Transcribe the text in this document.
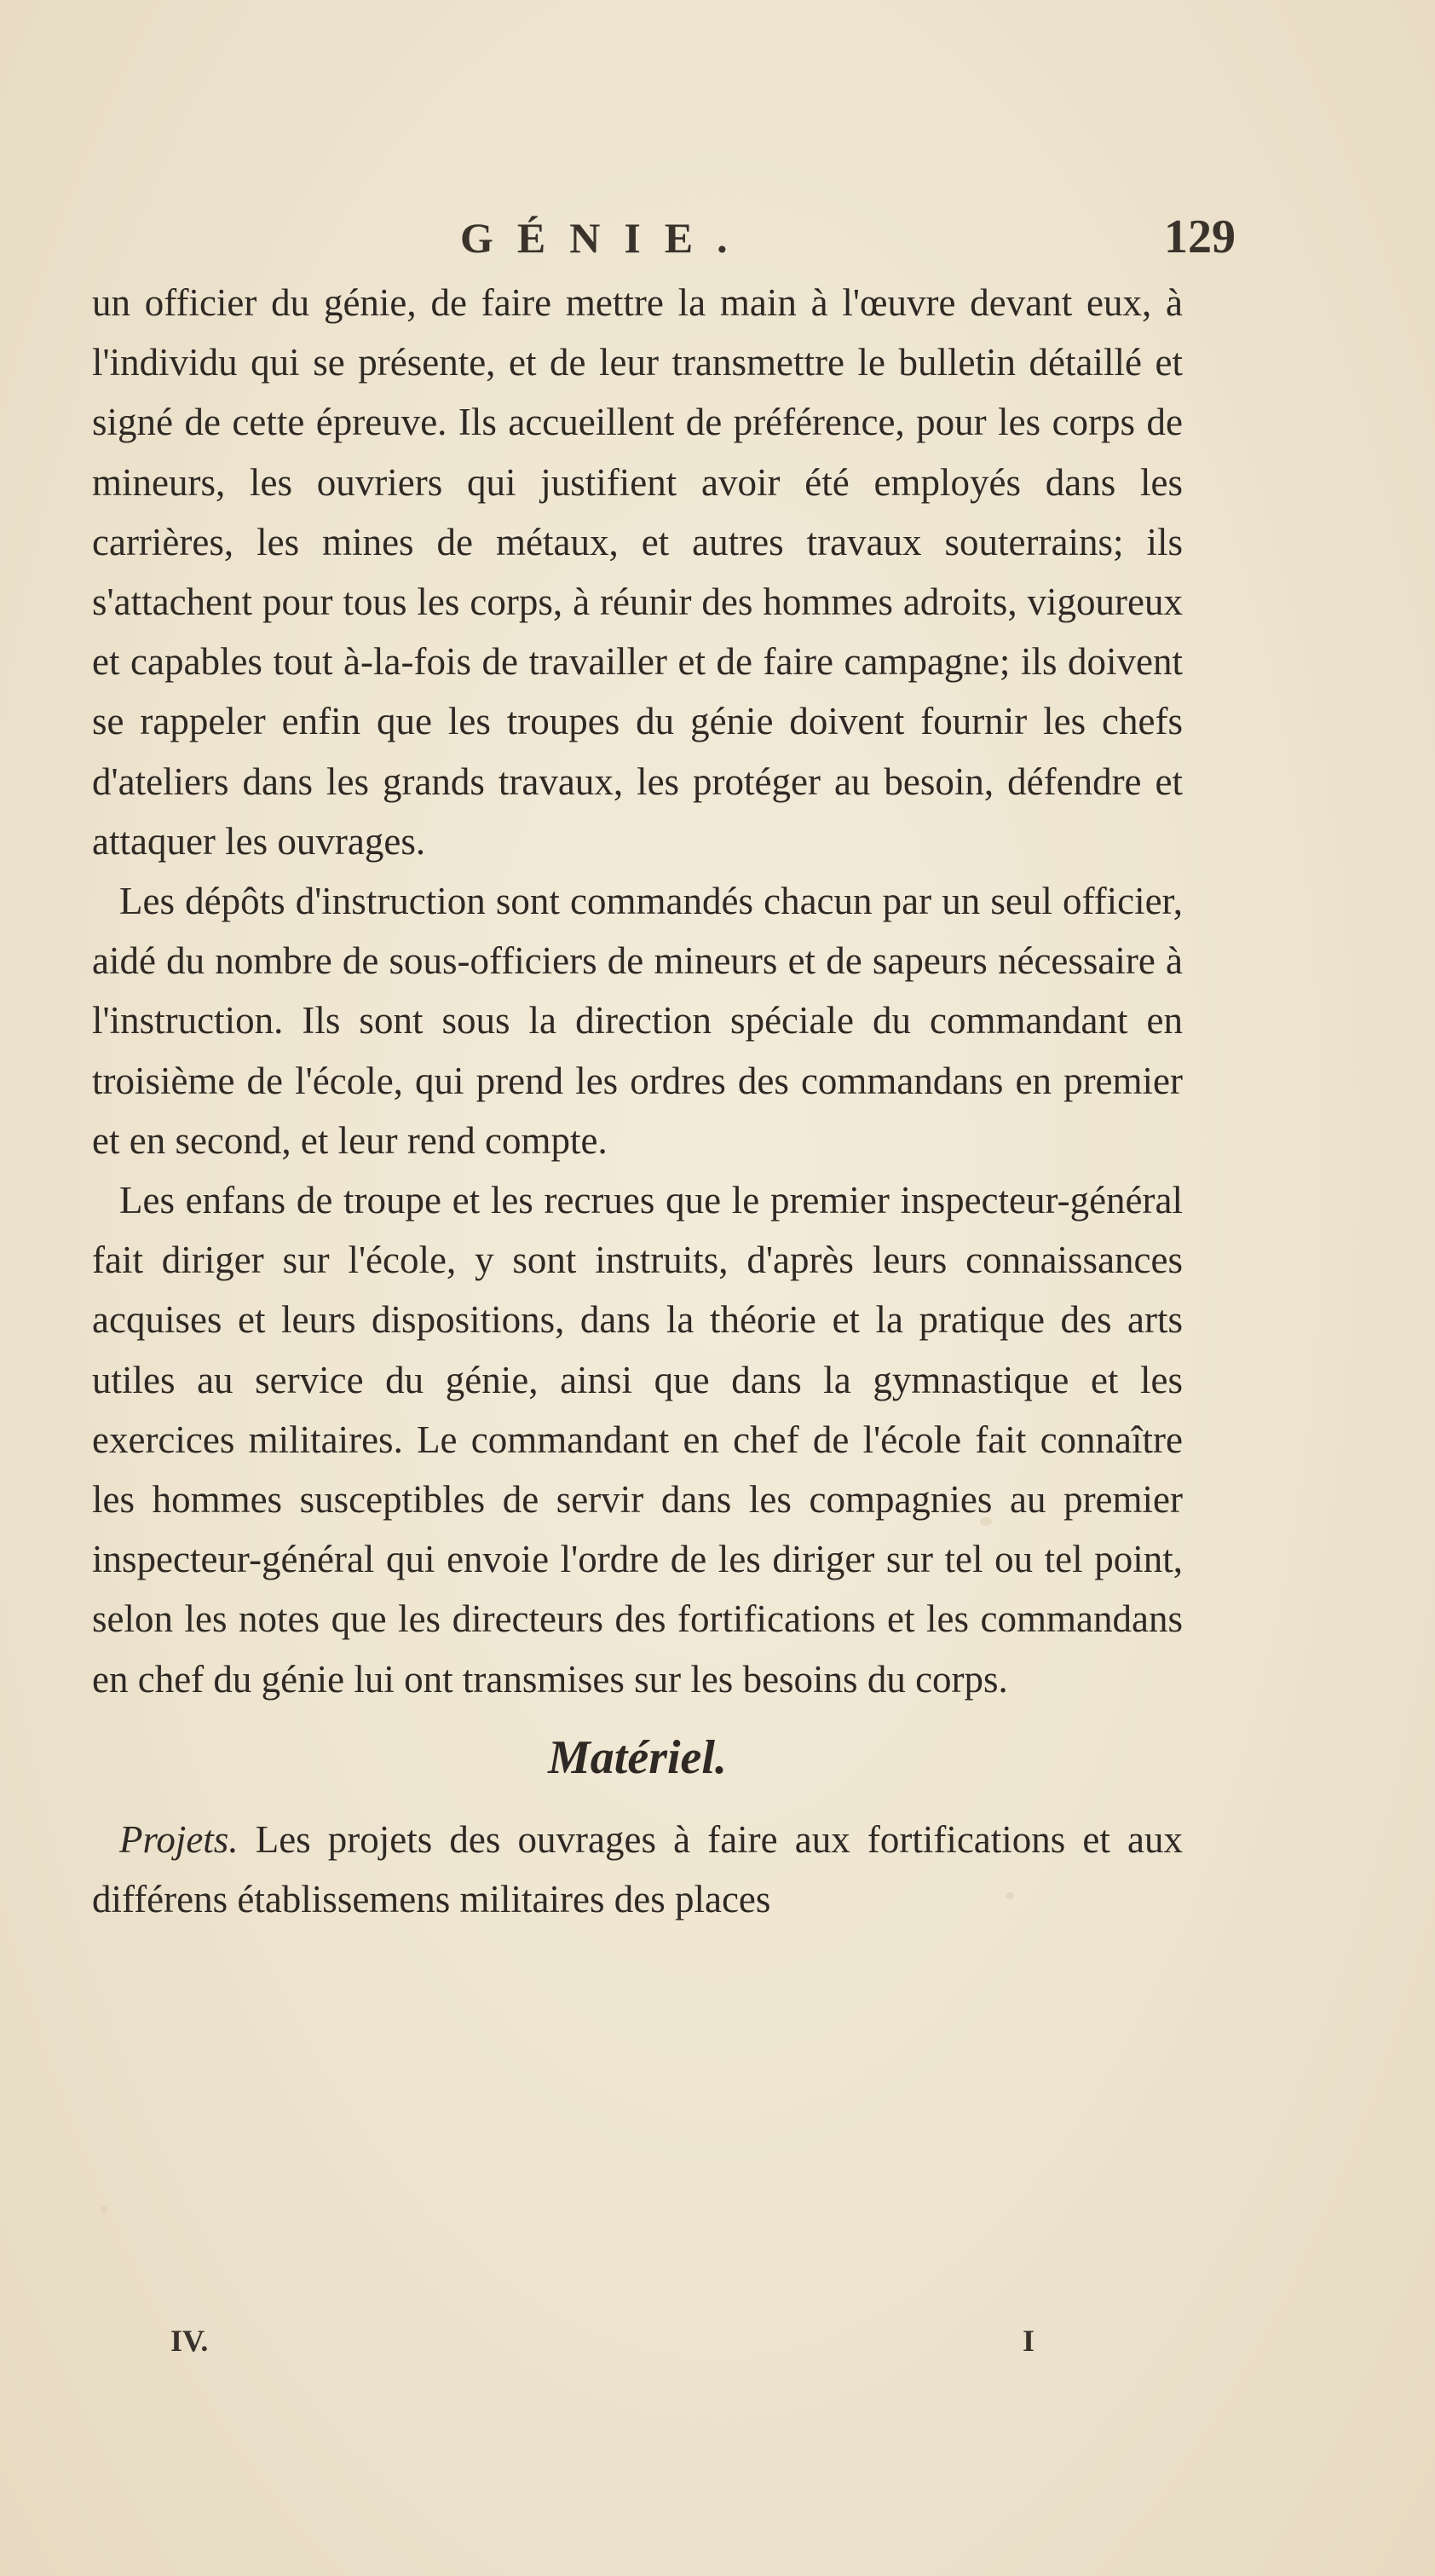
GÉNIE.	129

un officier du génie, de faire mettre la main à l'œuvre devant eux, à l'individu qui se présente, et de leur transmettre le bulletin détaillé et signé de cette épreuve. Ils accueillent de préférence, pour les corps de mineurs, les ouvriers qui justifient avoir été employés dans les carrières, les mines de métaux, et autres travaux souterrains; ils s'attachent pour tous les corps, à réunir des hommes adroits, vigoureux et capables tout à-la-fois de travailler et de faire campagne; ils doivent se rappeler enfin que les troupes du génie doivent fournir les chefs d'ateliers dans les grands travaux, les protéger au besoin, défendre et attaquer les ouvrages.

Les dépôts d'instruction sont commandés chacun par un seul officier, aidé du nombre de sous-officiers de mineurs et de sapeurs nécessaire à l'instruction. Ils sont sous la direction spéciale du commandant en troisième de l'école, qui prend les ordres des commandans en premier et en second, et leur rend compte.

Les enfans de troupe et les recrues que le premier inspecteur-général fait diriger sur l'école, y sont instruits, d'après leurs connaissances acquises et leurs dispositions, dans la théorie et la pratique des arts utiles au service du génie, ainsi que dans la gymnastique et les exercices militaires. Le commandant en chef de l'école fait connaître les hommes susceptibles de servir dans les compagnies au premier inspecteur-général qui envoie l'ordre de les diriger sur tel ou tel point, selon les notes que les directeurs des fortifications et les commandans en chef du génie lui ont transmises sur les besoins du corps.

Matériel.

Projets. Les projets des ouvrages à faire aux fortifications et aux différens établissemens militaires des places

IV.	I
